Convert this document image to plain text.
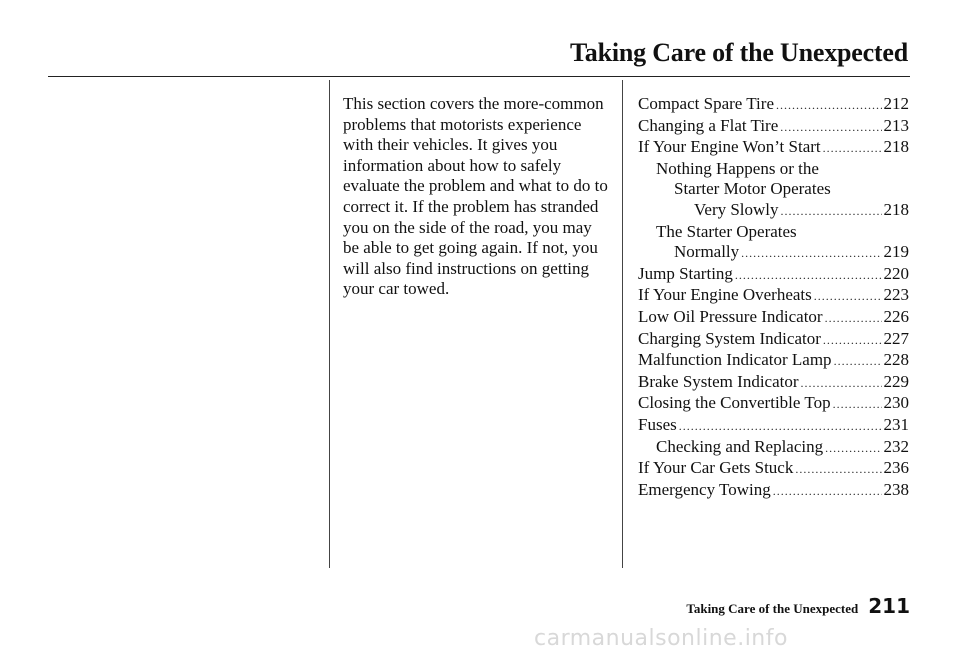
Taking Care of the Unexpected

This section covers the more-common problems that motorists experience with their vehicles. It gives you information about how to safely evaluate the problem and what to do to correct it. If the problem has stranded you on the side of the road, you may be able to get going again. If not, you will also find instructions on getting your car towed.

Compact Spare Tire .....	212
Changing a Flat Tire .....	213
If Your Engine Won’t Start .....	218
Nothing Happens or the
Starter Motor Operates
Very Slowly .....	218
The Starter Operates
Normally .....	219
Jump Starting .....	220
If Your Engine Overheats .....	223
Low Oil Pressure Indicator .....	226
Charging System Indicator .....	227
Malfunction Indicator Lamp .....	228
Brake System Indicator .....	229
Closing the Convertible Top .....	230
Fuses .....	231
Checking and Replacing .....	232
If Your Car Gets Stuck .....	236
Emergency Towing .....	238
Taking Care of the Unexpected 211
carmanualsonline.info
